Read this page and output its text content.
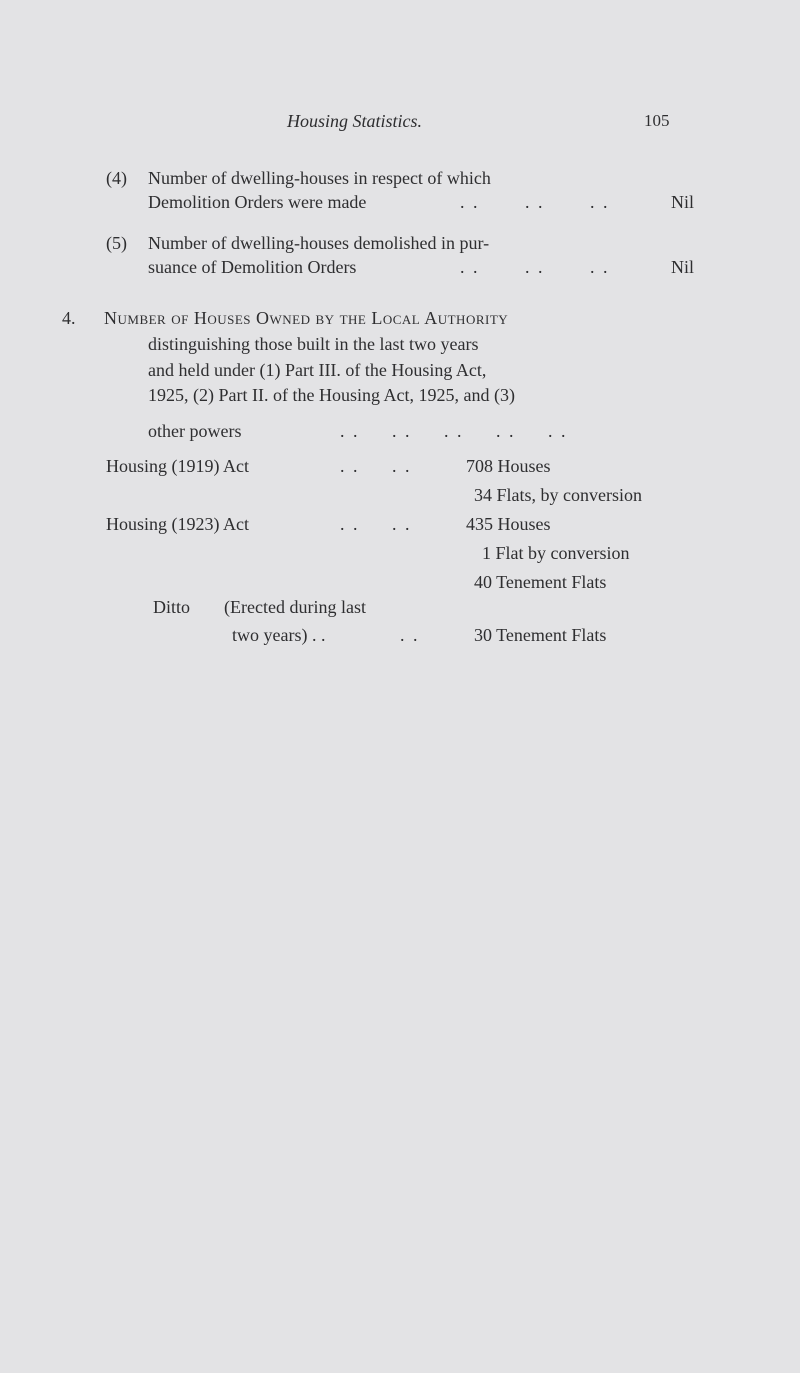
Housing Statistics.	105
(4) Number of dwelling-houses in respect of which
Demolition Orders were made	. .       . .       . .	Nil
(5) Number of dwelling-houses demolished in pur-
suance of Demolition Orders	. .       . .       . .	Nil
4. Number of Houses Owned by the Local Authority
distinguishing those built in the last two years
and held under (1) Part III. of the Housing Act,
1925, (2) Part II. of the Housing Act, 1925, and (3)
other powers	. .     . .     . .     . .     . .
Housing (1919) Act	. .     . .	708 Houses
34 Flats, by conversion
Housing (1923) Act	. .     . .	435 Houses
1 Flat by conversion
40 Tenement Flats
Ditto (Erected during last
two years) . .	. .	30 Tenement Flats
